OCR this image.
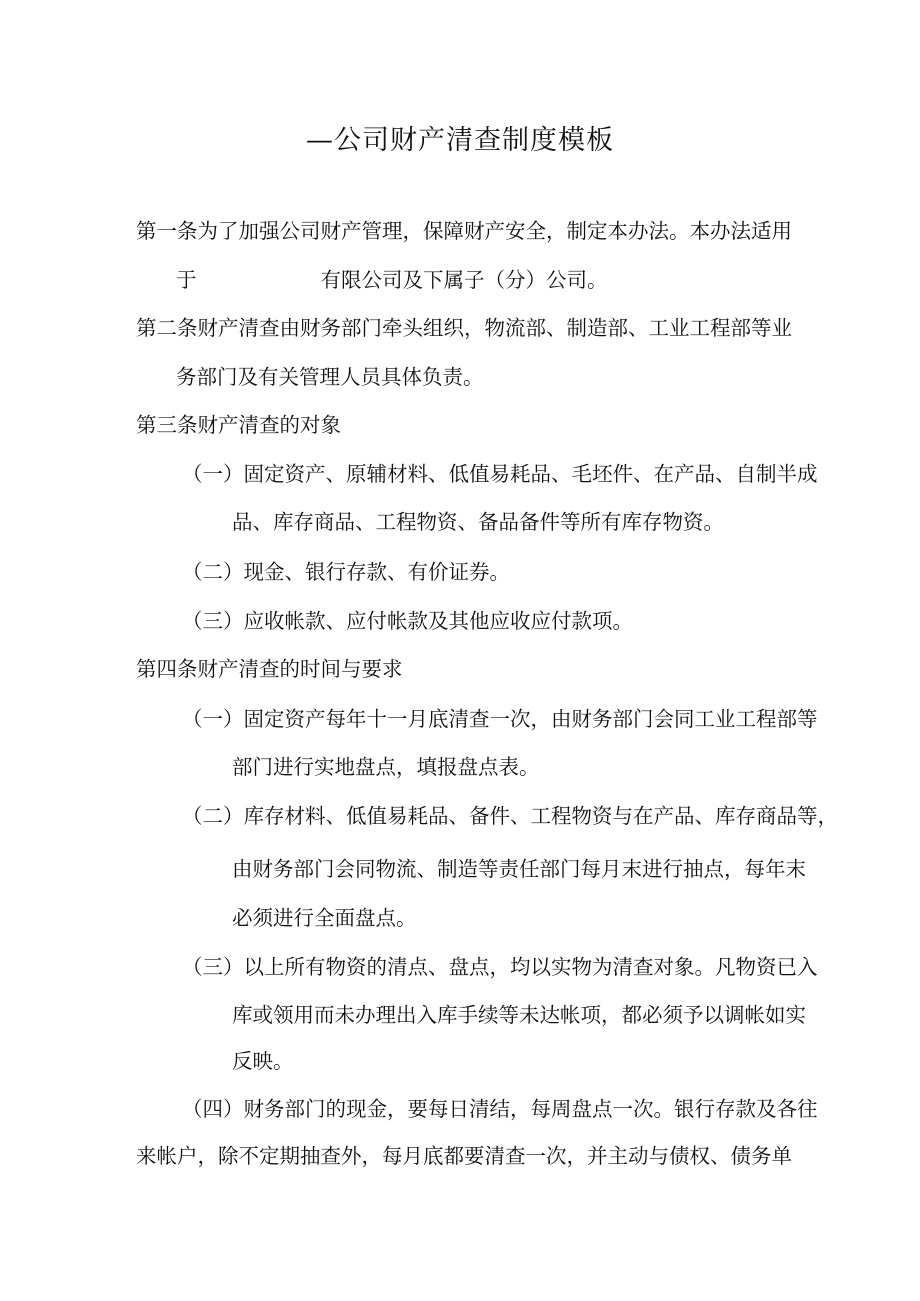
—公司财产清查制度模板
第一条为了加强公司财产管理，保障财产安全，制定本办法。本办法适用
于	有限公司及下属子（分）公司。
第二条财产清查由财务部门牵头组织，物流部、制造部、工业工程部等业
务部门及有关管理人员具体负责。
第三条财产清查的对象
（一）固定资产、原辅材料、低值易耗品、毛坯件、在产品、自制半成
品、库存商品、工程物资、备品备件等所有库存物资。
（二）现金、银行存款、有价证券。
（三）应收帐款、应付帐款及其他应收应付款项。
第四条财产清查的时间与要求
（一）固定资产每年十一月底清查一次，由财务部门会同工业工程部等
部门进行实地盘点，填报盘点表。
（二）库存材料、低值易耗品、备件、工程物资与在产品、库存商品等，
由财务部门会同物流、制造等责任部门每月末进行抽点，每年末
必须进行全面盘点。
（三）以上所有物资的清点、盘点，均以实物为清查对象。凡物资已入
库或领用而未办理出入库手续等未达帐项，都必须予以调帐如实
反映。
（四）财务部门的现金，要每日清结，每周盘点一次。银行存款及各往
来帐户，除不定期抽查外，每月底都要清查一次，并主动与债权、债务单
